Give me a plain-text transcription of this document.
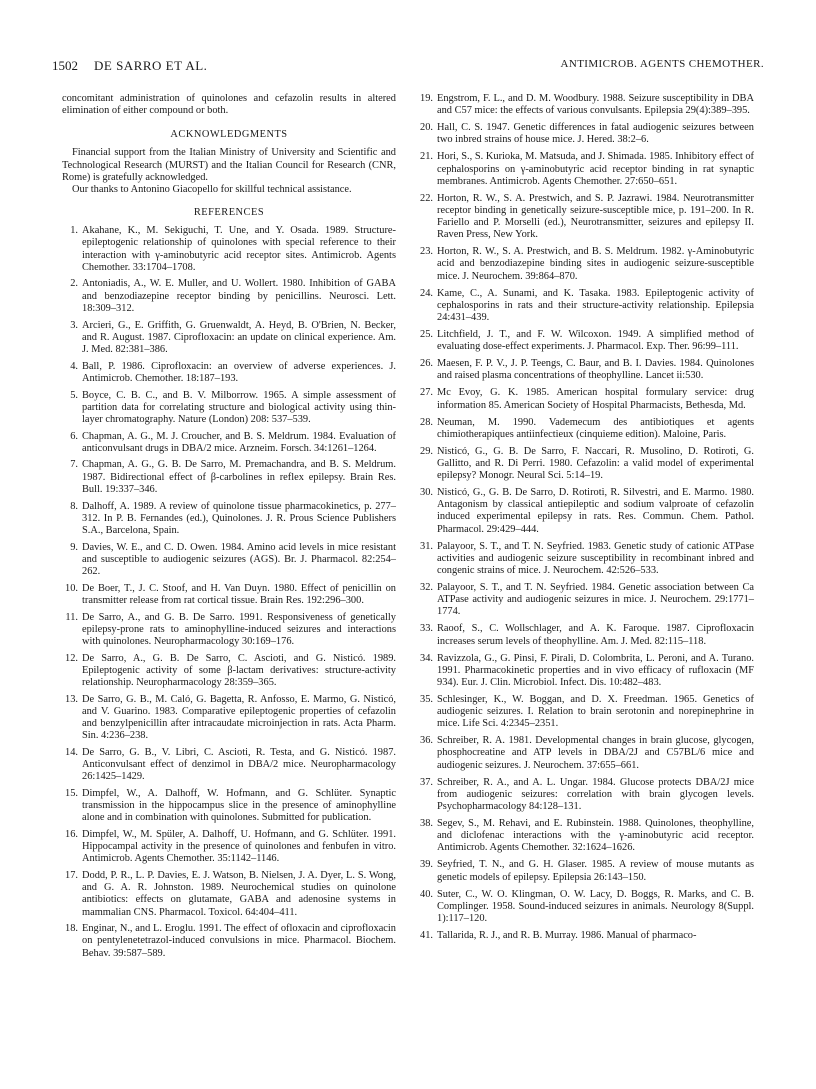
1502 DE SARRO ET AL.	ANTIMICROB. AGENTS CHEMOTHER.

concomitant administration of quinolones and cefazolin results in altered elimination of either compound or both.

ACKNOWLEDGMENTS

Financial support from the Italian Ministry of University and Scientific and Technological Research (MURST) and the Italian Council for Research (CNR, Rome) is gratefully acknowledged.

Our thanks to Antonino Giacopello for skillful technical assistance.

REFERENCES
1. Akahane, K., M. Sekiguchi, T. Une, and Y. Osada. 1989. Structure-epileptogenic relationship of quinolones with special reference to their interaction with γ-aminobutyric acid receptor sites. Antimicrob. Agents Chemother. 33:1704–1708.
2. Antoniadis, A., W. E. Muller, and U. Wollert. 1980. Inhibition of GABA and benzodiazepine receptor binding by penicillins. Neurosci. Lett. 18:309–312.
3. Arcieri, G., E. Griffith, G. Gruenwaldt, A. Heyd, B. O'Brien, N. Becker, and R. August. 1987. Ciprofloxacin: an update on clinical experience. Am. J. Med. 82:381–386.
4. Ball, P. 1986. Ciprofloxacin: an overview of adverse experiences. J. Antimicrob. Chemother. 18:187–193.
5. Boyce, C. B. C., and B. V. Milborrow. 1965. A simple assessment of partition data for correlating structure and biological activity using thin-layer chromatography. Nature (London) 208: 537–539.
6. Chapman, A. G., M. J. Croucher, and B. S. Meldrum. 1984. Evaluation of anticonvulsant drugs in DBA/2 mice. Arzneim. Forsch. 34:1261–1264.
7. Chapman, A. G., G. B. De Sarro, M. Premachandra, and B. S. Meldrum. 1987. Bidirectional effect of β-carbolines in reflex epilepsy. Brain Res. Bull. 19:337–346.
8. Dalhoff, A. 1989. A review of quinolone tissue pharmacokinetics, p. 277–312. In P. B. Fernandes (ed.), Quinolones. J. R. Prous Science Publishers S.A., Barcelona, Spain.
9. Davies, W. E., and C. D. Owen. 1984. Amino acid levels in mice resistant and susceptible to audiogenic seizures (AGS). Br. J. Pharmacol. 82:254–262.
10. De Boer, T., J. C. Stoof, and H. Van Duyn. 1980. Effect of penicillin on transmitter release from rat cortical tissue. Brain Res. 192:296–300.
11. De Sarro, A., and G. B. De Sarro. 1991. Responsiveness of genetically epilepsy-prone rats to aminophylline-induced seizures and interactions with quinolones. Neuropharmacology 30:169–176.
12. De Sarro, A., G. B. De Sarro, C. Ascioti, and G. Nisticó. 1989. Epileptogenic activity of some β-lactam derivatives: structure-activity relationship. Neuropharmacology 28:359–365.
13. De Sarro, G. B., M. Caló, G. Bagetta, R. Anfosso, E. Marmo, G. Nisticó, and V. Guarino. 1983. Comparative epileptogenic properties of cefazolin and benzylpenicillin after intracaudate microinjection in rats. Acta Pharm. Sin. 4:236–238.
14. De Sarro, G. B., V. Libri, C. Ascioti, R. Testa, and G. Nisticó. 1987. Anticonvulsant effect of denzimol in DBA/2 mice. Neuropharmacology 26:1425–1429.
15. Dimpfel, W., A. Dalhoff, W. Hofmann, and G. Schlüter. Synaptic transmission in the hippocampus slice in the presence of aminophylline alone and in combination with quinolones. Submitted for publication.
16. Dimpfel, W., M. Spüler, A. Dalhoff, U. Hofmann, and G. Schlüter. 1991. Hippocampal activity in the presence of quinolones and fenbufen in vitro. Antimicrob. Agents Chemother. 35:1142–1146.
17. Dodd, P. R., L. P. Davies, E. J. Watson, B. Nielsen, J. A. Dyer, L. S. Wong, and G. A. R. Johnston. 1989. Neurochemical studies on quinolone antibiotics: effects on glutamate, GABA and adenosine systems in mammalian CNS. Pharmacol. Toxicol. 64:404–411.
18. Enginar, N., and L. Eroglu. 1991. The effect of ofloxacin and ciprofloxacin on pentylenetetrazol-induced convulsions in mice. Pharmacol. Biochem. Behav. 39:587–589.
19. Engstrom, F. L., and D. M. Woodbury. 1988. Seizure susceptibility in DBA and C57 mice: the effects of various convulsants. Epilepsia 29(4):389–395.
20. Hall, C. S. 1947. Genetic differences in fatal audiogenic seizures between two inbred strains of house mice. J. Hered. 38:2–6.
21. Hori, S., S. Kurioka, M. Matsuda, and J. Shimada. 1985. Inhibitory effect of cephalosporins on γ-aminobutyric acid receptor binding in rat synaptic membranes. Antimicrob. Agents Chemother. 27:650–651.
22. Horton, R. W., S. A. Prestwich, and S. P. Jazrawi. 1984. Neurotransmitter receptor binding in genetically seizure-susceptible mice, p. 191–200. In R. Fariello and P. Morselli (ed.), Neurotransmitter, seizures and epilepsy II. Raven Press, New York.
23. Horton, R. W., S. A. Prestwich, and B. S. Meldrum. 1982. γ-Aminobutyric acid and benzodiazepine binding sites in audiogenic seizure-susceptible mice. J. Neurochem. 39:864–870.
24. Kame, C., A. Sunami, and K. Tasaka. 1983. Epileptogenic activity of cephalosporins in rats and their structure-activity relationship. Epilepsia 24:431–439.
25. Litchfield, J. T., and F. W. Wilcoxon. 1949. A simplified method of evaluating dose-effect experiments. J. Pharmacol. Exp. Ther. 96:99–111.
26. Maesen, F. P. V., J. P. Teengs, C. Baur, and B. I. Davies. 1984. Quinolones and raised plasma concentrations of theophylline. Lancet ii:530.
27. Mc Evoy, G. K. 1985. American hospital formulary service: drug information 85. American Society of Hospital Pharmacists, Bethesda, Md.
28. Neuman, M. 1990. Vademecum des antibiotiques et agents chimiotherapiques antiinfectieux (cinquieme edition). Maloine, Paris.
29. Nisticó, G., G. B. De Sarro, F. Naccari, R. Musolino, D. Rotiroti, G. Gallitto, and R. Di Perri. 1980. Cefazolin: a valid model of experimental epilepsy? Monogr. Neural Sci. 5:14–19.
30. Nisticó, G., G. B. De Sarro, D. Rotiroti, R. Silvestri, and E. Marmo. 1980. Antagonism by classical antiepileptic and sodium valproate of cefazolin induced experimental epilepsy in rats. Res. Commun. Chem. Pathol. Pharmacol. 29:429–444.
31. Palayoor, S. T., and T. N. Seyfried. 1983. Genetic study of cationic ATPase activities and audiogenic seizure susceptibility in recombinant inbred and congenic strains of mice. J. Neurochem. 42:526–533.
32. Palayoor, S. T., and T. N. Seyfried. 1984. Genetic association between Ca ATPase activity and audiogenic seizures in mice. J. Neurochem. 29:1771–1774.
33. Raoof, S., C. Wollschlager, and A. K. Faroque. 1987. Ciprofloxacin increases serum levels of theophylline. Am. J. Med. 82:115–118.
34. Ravizzola, G., G. Pinsi, F. Pirali, D. Colombrita, L. Peroni, and A. Turano. 1991. Pharmacokinetic properties and in vivo efficacy of rufloxacin (MF 934). Eur. J. Clin. Microbiol. Infect. Dis. 10:482–483.
35. Schlesinger, K., W. Boggan, and D. X. Freedman. 1965. Genetics of audiogenic seizures. I. Relation to brain serotonin and norepinephrine in mice. Life Sci. 4:2345–2351.
36. Schreiber, R. A. 1981. Developmental changes in brain glucose, glycogen, phosphocreatine and ATP levels in DBA/2J and C57BL/6 mice and audiogenic seizures. J. Neurochem. 37:655–661.
37. Schreiber, R. A., and A. L. Ungar. 1984. Glucose protects DBA/2J mice from audiogenic seizures: correlation with brain glycogen levels. Psychopharmacology 84:128–131.
38. Segev, S., M. Rehavi, and E. Rubinstein. 1988. Quinolones, theophylline, and diclofenac interactions with the γ-aminobutyric acid receptor. Antimicrob. Agents Chemother. 32:1624–1626.
39. Seyfried, T. N., and G. H. Glaser. 1985. A review of mouse mutants as genetic models of epilepsy. Epilepsia 26:143–150.
40. Suter, C., W. O. Klingman, O. W. Lacy, D. Boggs, R. Marks, and C. B. Complinger. 1958. Sound-induced seizures in animals. Neurology 8(Suppl. 1):117–120.
41. Tallarida, R. J., and R. B. Murray. 1986. Manual of pharmaco-
